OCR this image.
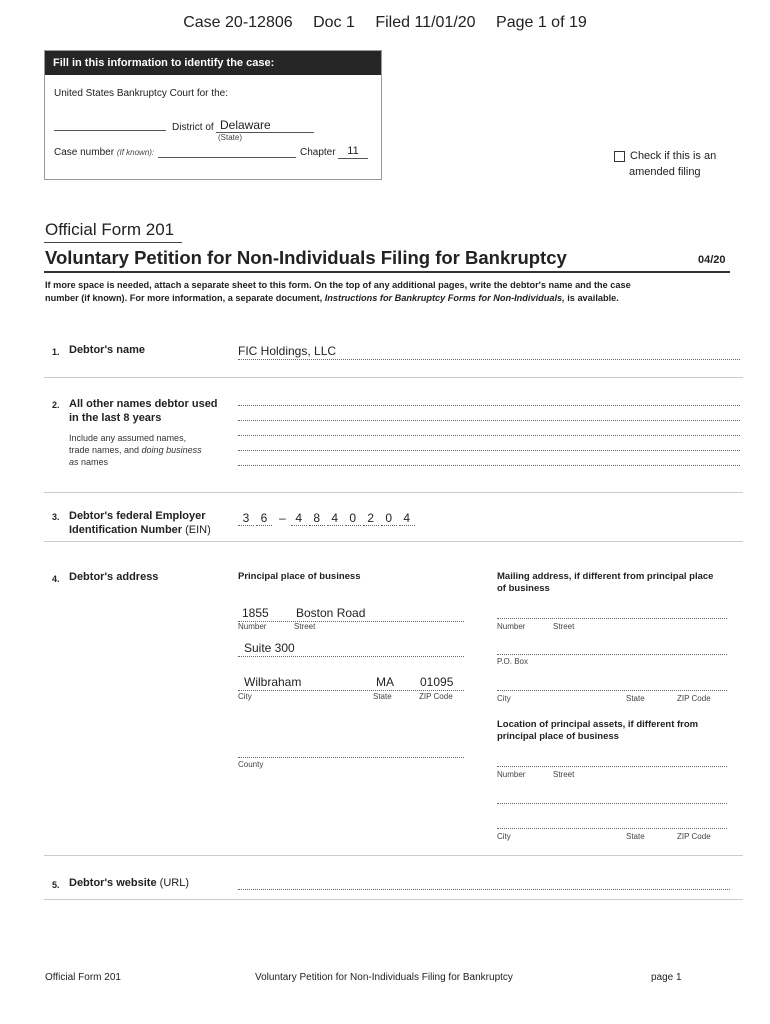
Case 20-12806 Doc 1 Filed 11/01/20 Page 1 of 19
Fill in this information to identify the case:
United States Bankruptcy Court for the:
District of Delaware
(State)
Case number (If known):	Chapter	11	Check if this is an
amended filing
Official Form 201
Voluntary Petition for Non-Individuals Filing for Bankruptcy	04/20
If more space is needed, attach a separate sheet to this form. On the top of any additional pages, write the debtor's name and the case
number (if known). For more information, a separate document, Instructions for Bankruptcy Forms for Non-Individuals, is available.
1. Debtor's name	FIC Holdings, LLC
2. All other names debtor used
in the last 8 years
Include any assumed names,
trade names, and doing business
as names
3. Debtor's federal Employer
Identification Number (EIN)
3 6 – 4 8 4 0 2 0 4
4. Debtor's address	Principal place of business	Mailing address, if different from principal place
of business
1855 Boston Road
Number	Street
Suite 300
Wilbraham	MA 01095
City	State	ZIP Code
County
Number	Street
P.O. Box
City	State	ZIP Code
Location of principal assets, if different from
principal place of business
Number	Street
City	State	ZIP Code
5. Debtor's website (URL)
Official Form 201	Voluntary Petition for Non-Individuals Filing for Bankruptcy	page 1
